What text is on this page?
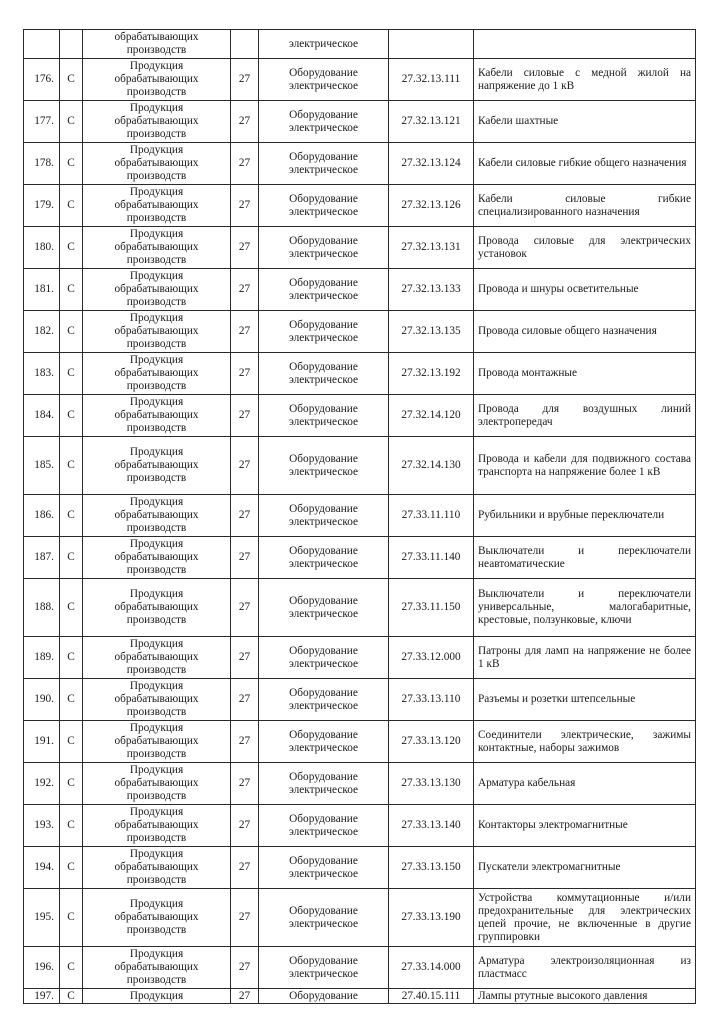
		обрабатывающих производств		электрическое		
176.	С	Продукция обрабатывающих производств	27	Оборудование электрическое	27.32.13.111	Кабели силовые с медной жилой на напряжение до 1 кВ
177.	С	Продукция обрабатывающих производств	27	Оборудование электрическое	27.32.13.121	Кабели шахтные
178.	С	Продукция обрабатывающих производств	27	Оборудование электрическое	27.32.13.124	Кабели силовые гибкие общего назначения
179.	С	Продукция обрабатывающих производств	27	Оборудование электрическое	27.32.13.126	Кабели силовые гибкие специализированного назначения
180.	С	Продукция обрабатывающих производств	27	Оборудование электрическое	27.32.13.131	Провода силовые для электрических установок
181.	С	Продукция обрабатывающих производств	27	Оборудование электрическое	27.32.13.133	Провода и шнуры осветительные
182.	С	Продукция обрабатывающих производств	27	Оборудование электрическое	27.32.13.135	Провода силовые общего назначения
183.	С	Продукция обрабатывающих производств	27	Оборудование электрическое	27.32.13.192	Провода монтажные
184.	С	Продукция обрабатывающих производств	27	Оборудование электрическое	27.32.14.120	Провода для воздушных линий электропередач
185.	С	Продукция обрабатывающих производств	27	Оборудование электрическое	27.32.14.130	Провода и кабели для подвижного состава транспорта на напряжение более 1 кВ
186.	С	Продукция обрабатывающих производств	27	Оборудование электрическое	27.33.11.110	Рубильники и врубные переключатели
187.	С	Продукция обрабатывающих производств	27	Оборудование электрическое	27.33.11.140	Выключатели и переключатели неавтоматические
188.	С	Продукция обрабатывающих производств	27	Оборудование электрическое	27.33.11.150	Выключатели и переключатели универсальные, малогабаритные, крестовые, ползунковые, ключи
189.	С	Продукция обрабатывающих производств	27	Оборудование электрическое	27.33.12.000	Патроны для ламп на напряжение не более 1 кВ
190.	С	Продукция обрабатывающих производств	27	Оборудование электрическое	27.33.13.110	Разъемы и розетки штепсельные
191.	С	Продукция обрабатывающих производств	27	Оборудование электрическое	27.33.13.120	Соединители электрические, зажимы контактные, наборы зажимов
192.	С	Продукция обрабатывающих производств	27	Оборудование электрическое	27.33.13.130	Арматура кабельная
193.	С	Продукция обрабатывающих производств	27	Оборудование электрическое	27.33.13.140	Контакторы электромагнитные
194.	С	Продукция обрабатывающих производств	27	Оборудование электрическое	27.33.13.150	Пускатели электромагнитные
195.	С	Продукция обрабатывающих производств	27	Оборудование электрическое	27.33.13.190	Устройства коммутационные и/или предохранительные для электрических цепей прочие, не включенные в другие группировки
196.	С	Продукция обрабатывающих производств	27	Оборудование электрическое	27.33.14.000	Арматура электроизоляционная из пластмасс
197.	С	Продукция	27	Оборудование	27.40.15.111	Лампы ртутные высокого давления
